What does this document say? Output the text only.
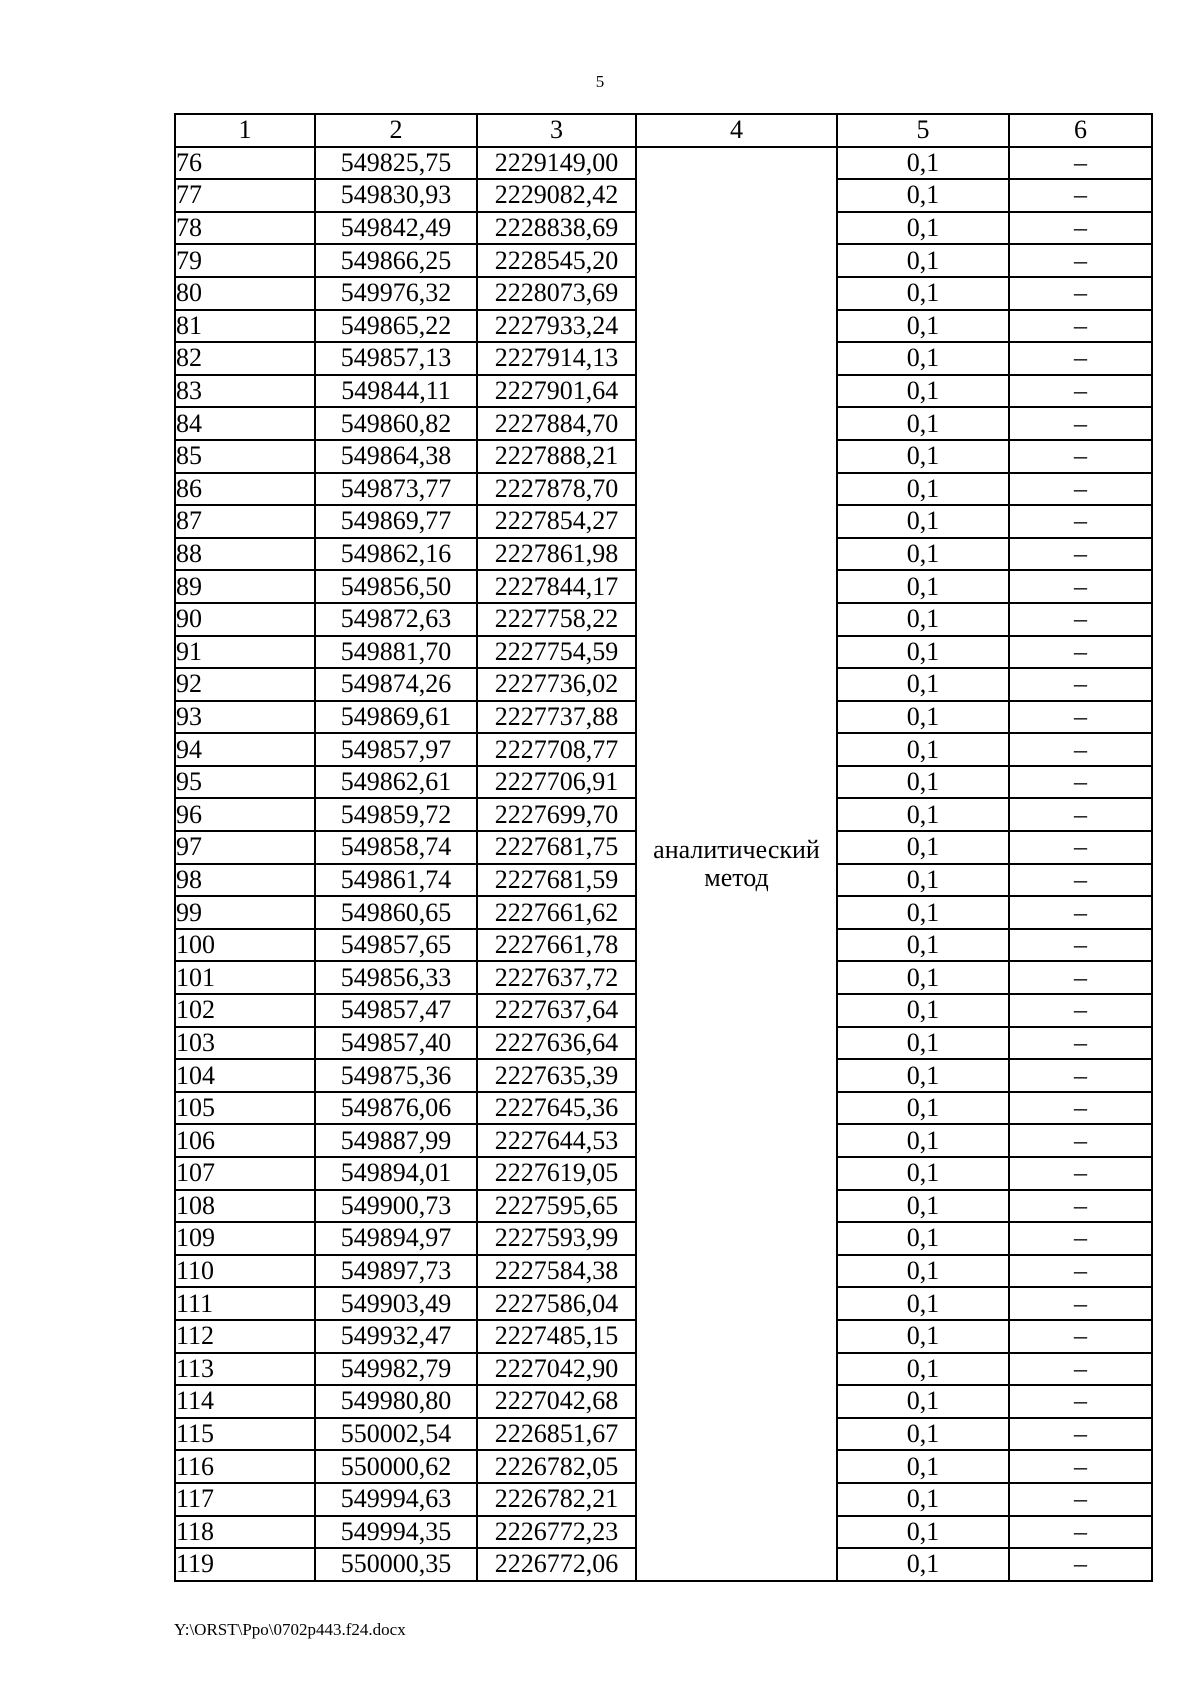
5
1	2	3	4	5	6
76	549825,75	2229149,00	аналитический метод	0,1	–
77	549830,93	2229082,42		0,1	–
78	549842,49	2228838,69		0,1	–
79	549866,25	2228545,20		0,1	–
80	549976,32	2228073,69		0,1	–
81	549865,22	2227933,24		0,1	–
82	549857,13	2227914,13		0,1	–
83	549844,11	2227901,64		0,1	–
84	549860,82	2227884,70		0,1	–
85	549864,38	2227888,21		0,1	–
86	549873,77	2227878,70		0,1	–
87	549869,77	2227854,27		0,1	–
88	549862,16	2227861,98		0,1	–
89	549856,50	2227844,17		0,1	–
90	549872,63	2227758,22		0,1	–
91	549881,70	2227754,59		0,1	–
92	549874,26	2227736,02		0,1	–
93	549869,61	2227737,88		0,1	–
94	549857,97	2227708,77		0,1	–
95	549862,61	2227706,91		0,1	–
96	549859,72	2227699,70		0,1	–
97	549858,74	2227681,75		0,1	–
98	549861,74	2227681,59		0,1	–
99	549860,65	2227661,62		0,1	–
100	549857,65	2227661,78		0,1	–
101	549856,33	2227637,72		0,1	–
102	549857,47	2227637,64		0,1	–
103	549857,40	2227636,64		0,1	–
104	549875,36	2227635,39		0,1	–
105	549876,06	2227645,36		0,1	–
106	549887,99	2227644,53		0,1	–
107	549894,01	2227619,05		0,1	–
108	549900,73	2227595,65		0,1	–
109	549894,97	2227593,99		0,1	–
110	549897,73	2227584,38		0,1	–
111	549903,49	2227586,04		0,1	–
112	549932,47	2227485,15		0,1	–
113	549982,79	2227042,90		0,1	–
114	549980,80	2227042,68		0,1	–
115	550002,54	2226851,67		0,1	–
116	550000,62	2226782,05		0,1	–
117	549994,63	2226782,21		0,1	–
118	549994,35	2226772,23		0,1	–
119	550000,35	2226772,06		0,1	–
Y:\ORST\Ppo\0702p443.f24.docx
